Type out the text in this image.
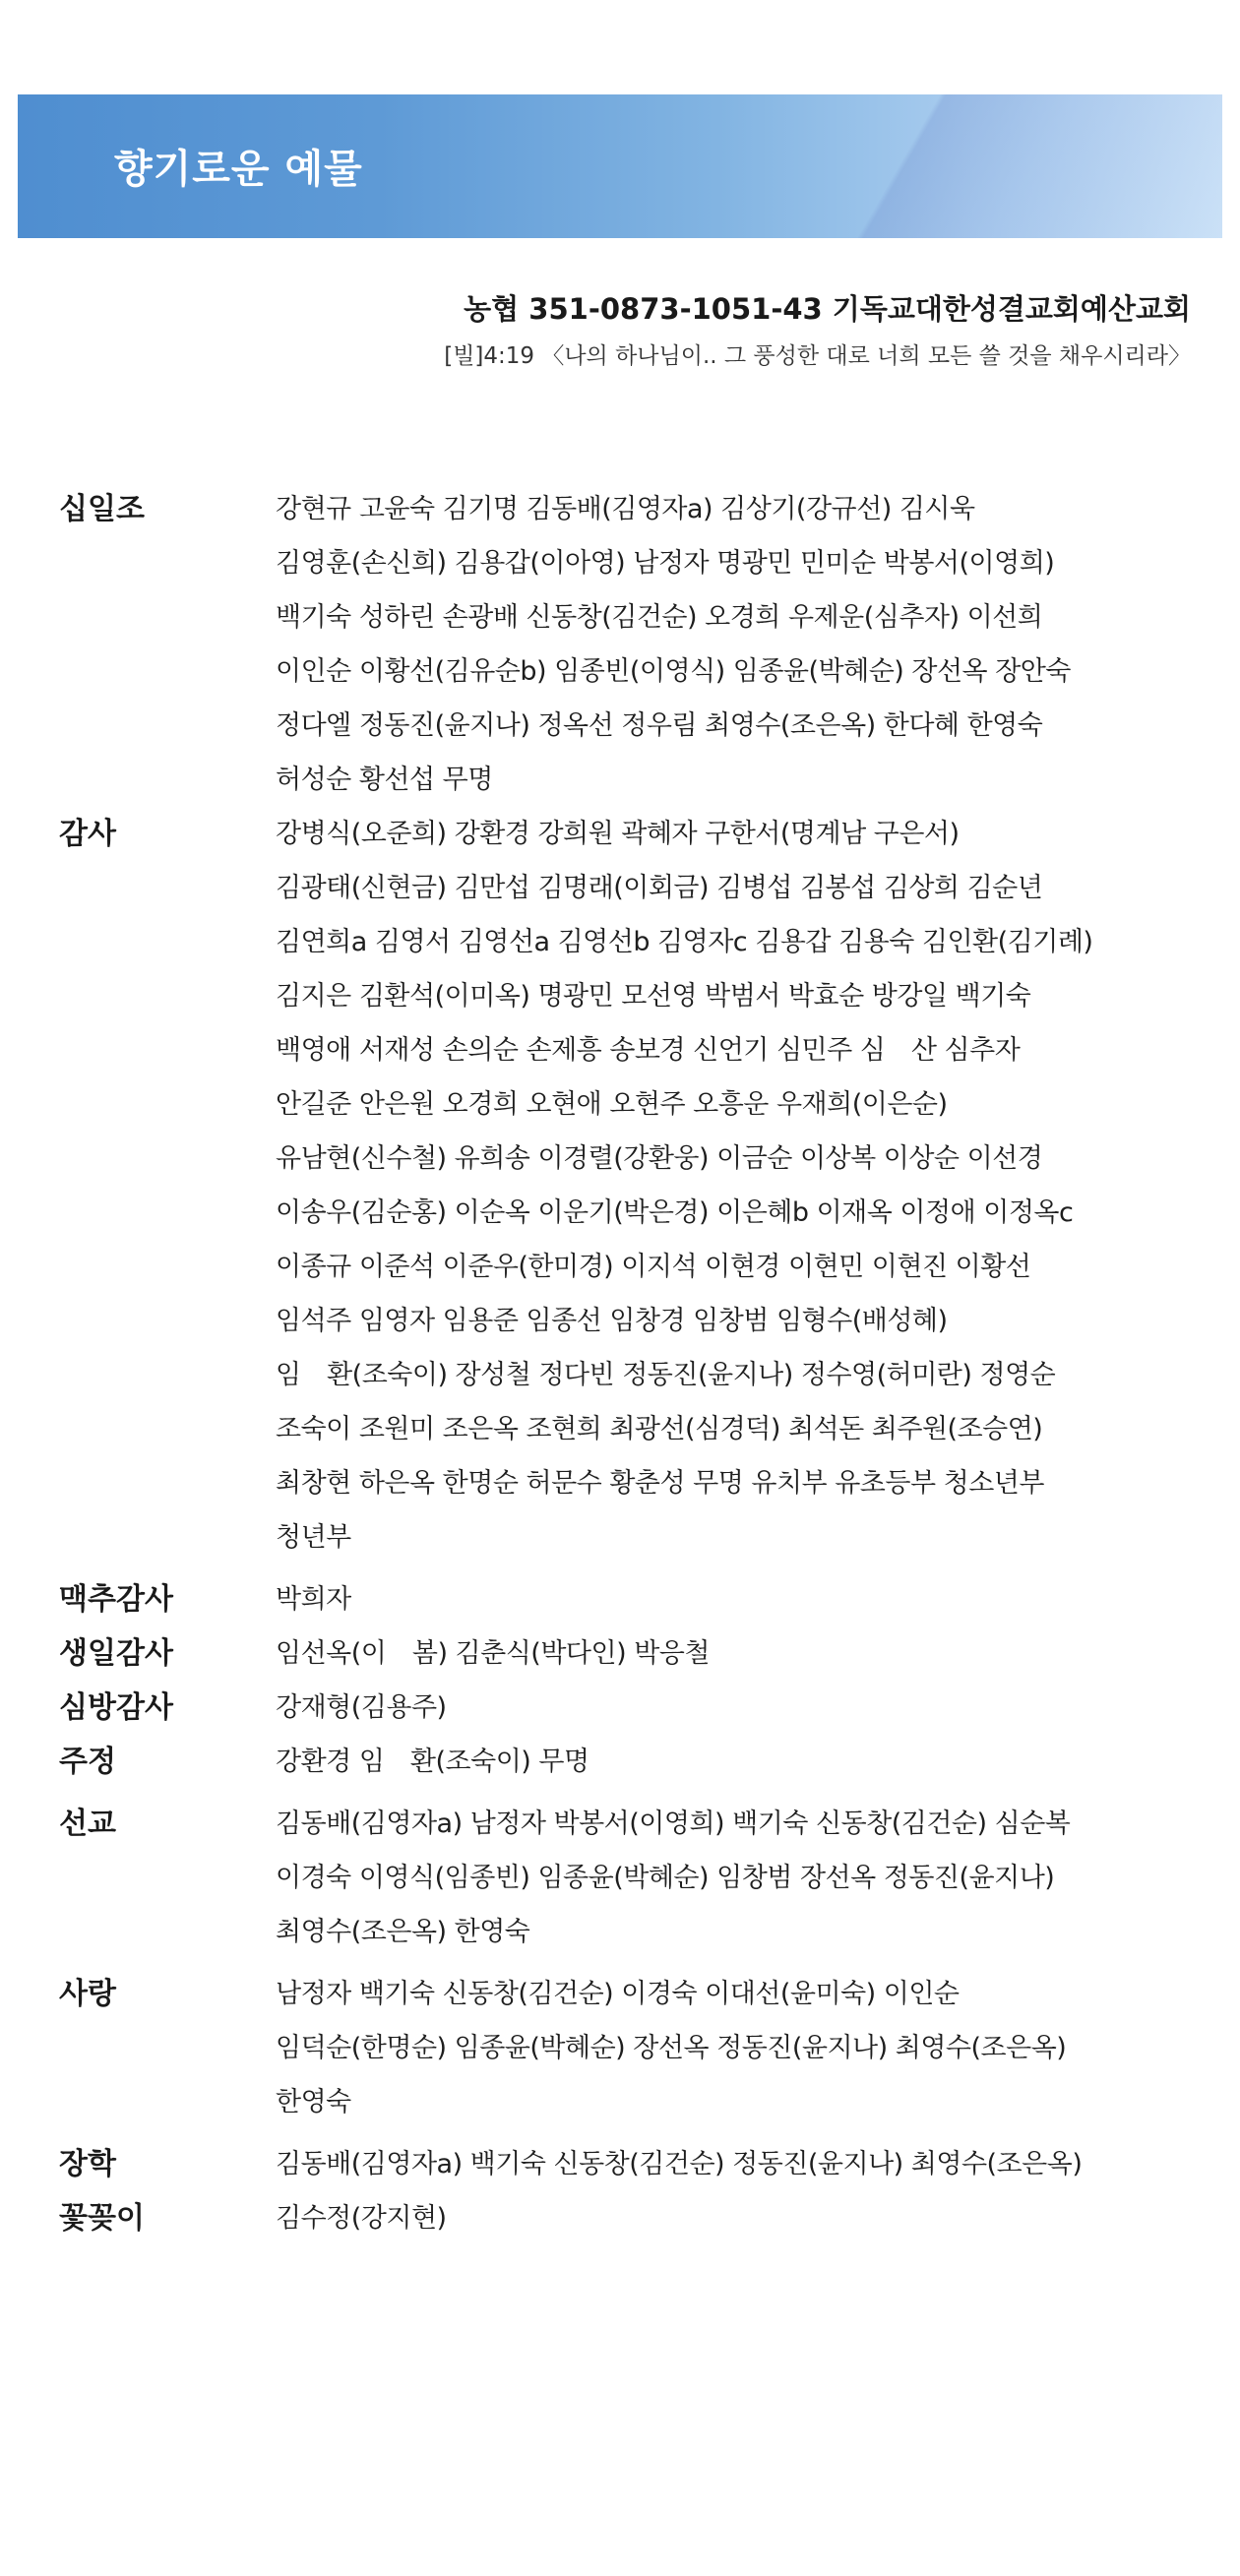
향기로운 예물
농협 351-0873-1051-43 기독교대한성결교회예산교회
[빌]4:19 〈나의 하나님이.. 그 풍성한 대로 너희 모든 쓸 것을 채우시리라〉
십일조	강현규 고윤숙 김기명 김동배(김영자a) 김상기(강규선) 김시욱
김영훈(손신희) 김용갑(이아영) 남정자 명광민 민미순 박봉서(이영희)
백기숙 성하린 손광배 신동창(김건순) 오경희 우제운(심추자) 이선희
이인순 이황선(김유순b) 임종빈(이영식) 임종윤(박혜순) 장선옥 장안숙
정다엘 정동진(윤지나) 정옥선 정우림 최영수(조은옥) 한다혜 한영숙
허성순 황선섭 무명
감사	강병식(오준희) 강환경 강희원 곽혜자 구한서(명계남 구은서)
김광태(신현금) 김만섭 김명래(이회금) 김병섭 김봉섭 김상희 김순년
김연희a 김영서 김영선a 김영선b 김영자c 김용갑 김용숙 김인환(김기례)
김지은 김환석(이미옥) 명광민 모선영 박범서 박효순 방강일 백기숙
백영애 서재성 손의순 손제흥 송보경 신언기 심민주 심　산 심추자
안길준 안은원 오경희 오현애 오현주 오흥운 우재희(이은순)
유남현(신수철) 유희송 이경렬(강환웅) 이금순 이상복 이상순 이선경
이송우(김순홍) 이순옥 이운기(박은경) 이은혜b 이재옥 이정애 이정옥c
이종규 이준석 이준우(한미경) 이지석 이현경 이현민 이현진 이황선
임석주 임영자 임용준 임종선 임창경 임창범 임형수(배성혜)
임　환(조숙이) 장성철 정다빈 정동진(윤지나) 정수영(허미란) 정영순
조숙이 조원미 조은옥 조현희 최광선(심경덕) 최석돈 최주원(조승연)
최창현 하은옥 한명순 허문수 황춘성 무명 유치부 유초등부 청소년부
청년부
맥추감사	박희자
생일감사	임선옥(이　봄) 김춘식(박다인) 박응철
심방감사	강재형(김용주)
주정	강환경 임　환(조숙이) 무명
선교	김동배(김영자a) 남정자 박봉서(이영희) 백기숙 신동창(김건순) 심순복
이경숙 이영식(임종빈) 임종윤(박혜순) 임창범 장선옥 정동진(윤지나)
최영수(조은옥) 한영숙
사랑	남정자 백기숙 신동창(김건순) 이경숙 이대선(윤미숙) 이인순
임덕순(한명순) 임종윤(박혜순) 장선옥 정동진(윤지나) 최영수(조은옥)
한영숙
장학	김동배(김영자a) 백기숙 신동창(김건순) 정동진(윤지나) 최영수(조은옥)
꽃꽂이	김수정(강지현)
